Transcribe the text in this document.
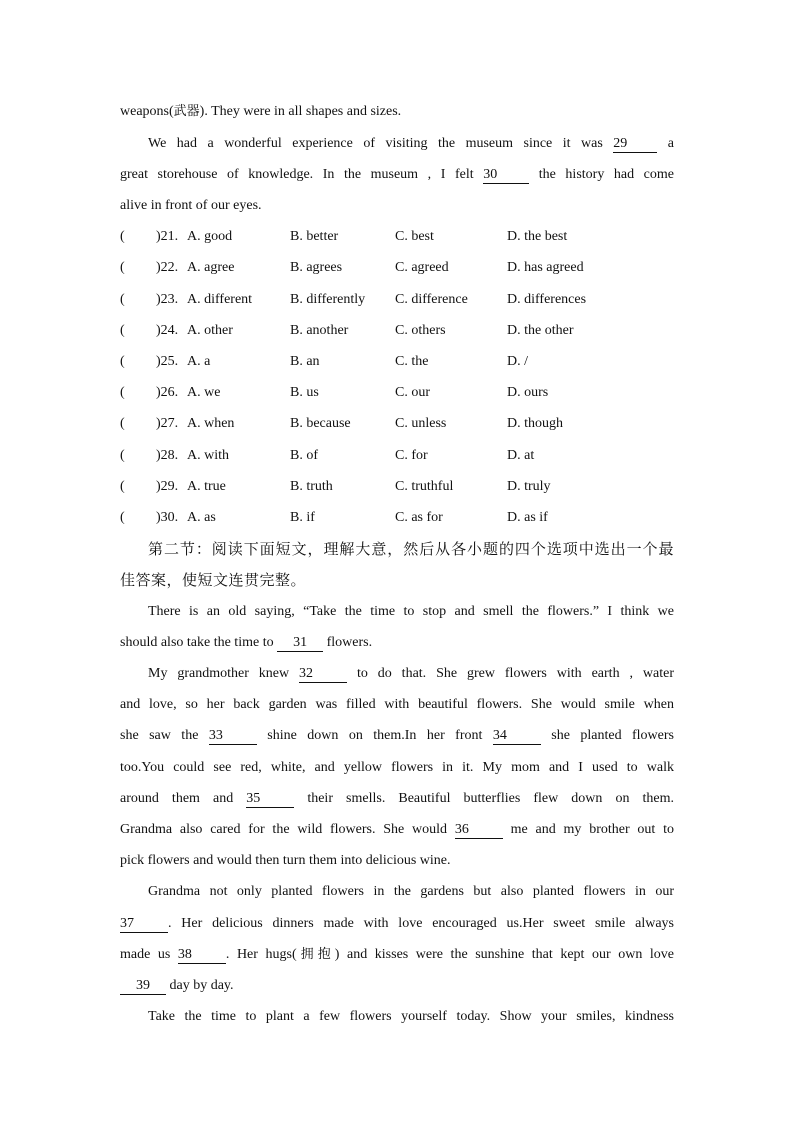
weapons(武器). They were in all shapes and sizes.
We had a wonderful experience of visiting the museum since it was 29 a
great storehouse of knowledge. In the museum , I felt 30 the history had come
alive in front of our eyes.
( )21. A. good	B. better	C. best	D. the best
( )22. A. agree	B. agrees	C. agreed	D. has agreed
( )23. A. different	B. differently C. difference	D. differences
( )24. A. other	B. another	C. others	D. the other
( )25. A. a	B. an	C. the	D. /
( )26. A. we	B. us	C. our	D. ours
( )27. A. when	B. because	C. unless	D. though
( )28. A. with	B. of	C. for	D. at
( )29. A. true	B. truth	C. truthful	D. truly
( )30. A. as	B. if	C. as for	D. as if
第二节：阅读下面短文，理解大意，然后从各小题的四个选项中选出一个最
佳答案，使短文连贯完整。
There is an old saying, “Take the time to stop and smell the flowers.” I think we
should also take the time to 31 flowers.
My grandmother knew 32 to do that. She grew flowers with earth , water
and love, so her back garden was filled with beautiful flowers. She would smile when
she saw the 33 shine down on them.In her front 34 she planted flowers
too.You could see red, white, and yellow flowers in it. My mom and I used to walk
around them and 35 their smells. Beautiful butterflies flew down on them.
Grandma also cared for the wild flowers. She would 36 me and my brother out to
pick flowers and would then turn them into delicious wine.
Grandma not only planted flowers in the gardens but also planted flowers in our
37 . Her delicious dinners made with love encouraged us.Her sweet smile always
made us 38 . Her hugs(拥抱) and kisses were the sunshine that kept our own love
39 day by day.
Take the time to plant a few flowers yourself today. Show your smiles, kindness
